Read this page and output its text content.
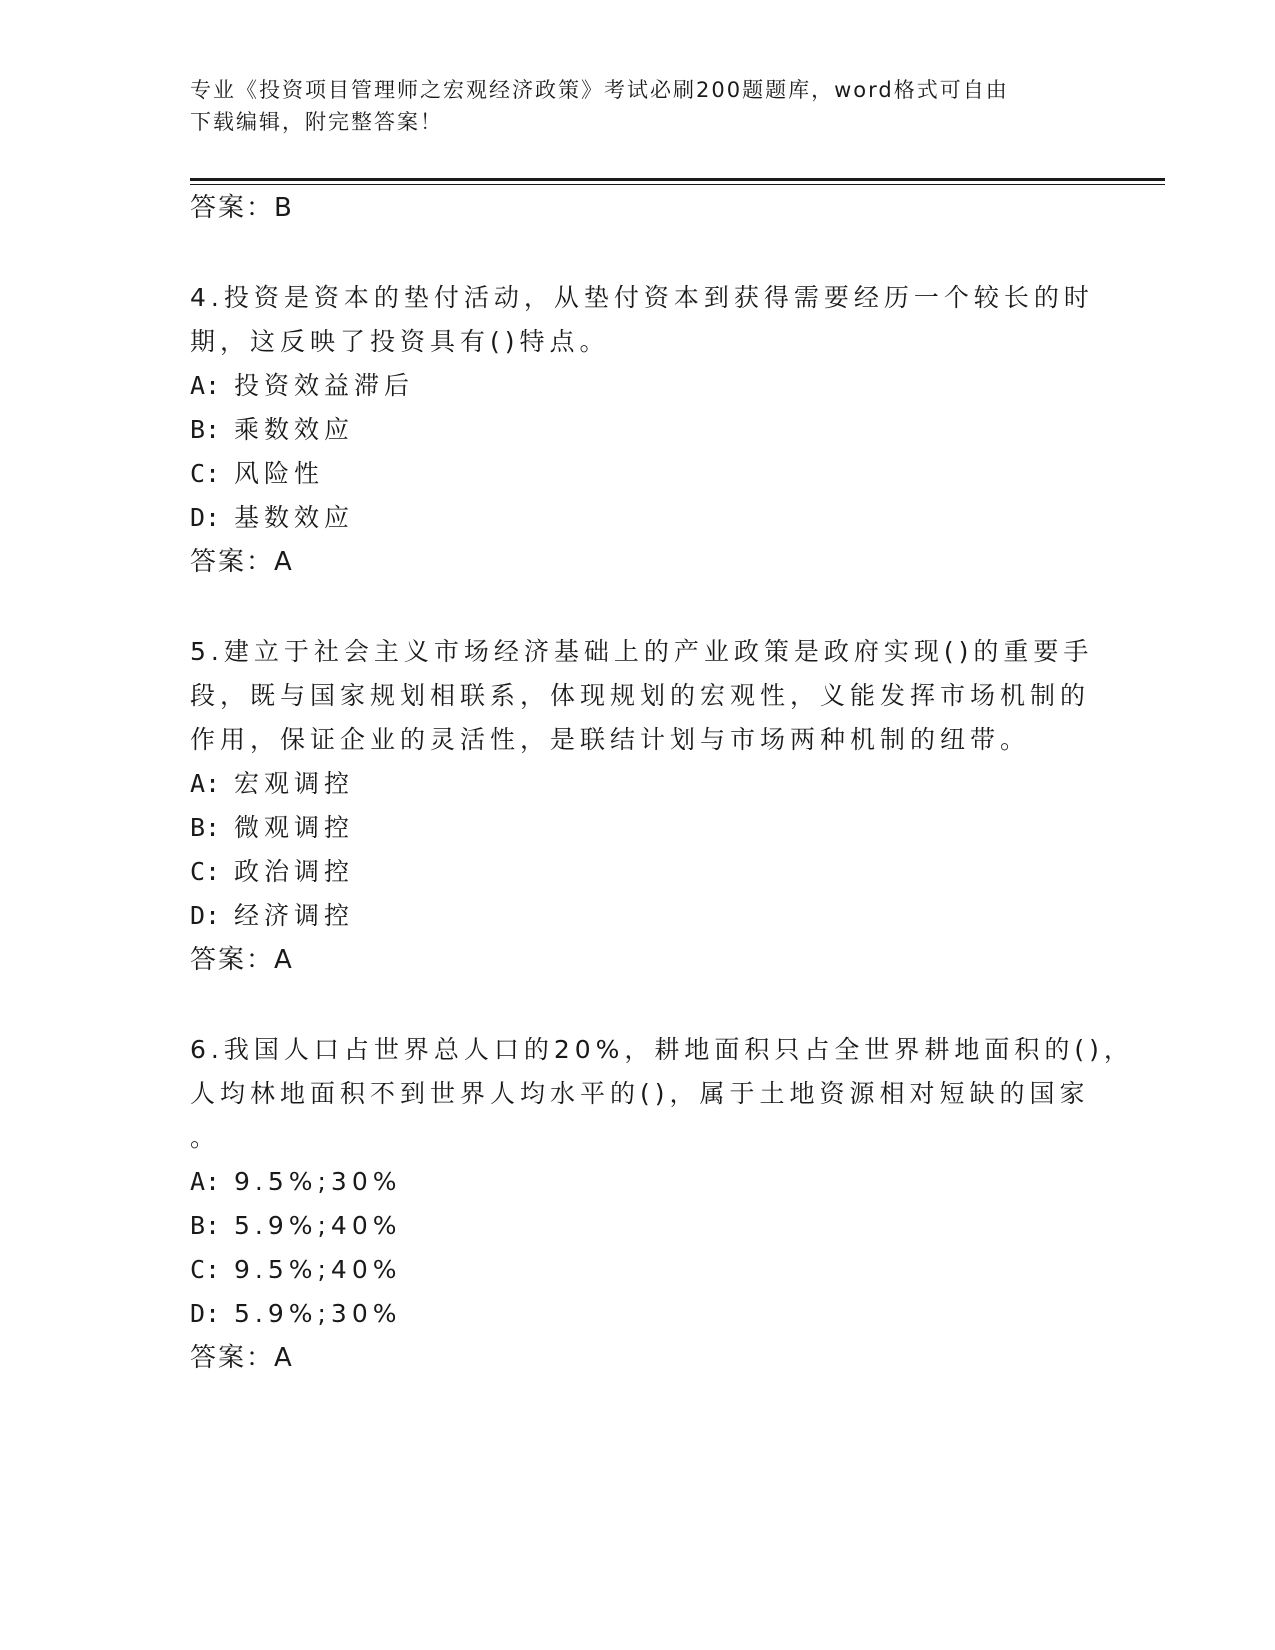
专业《投资项目管理师之宏观经济政策》考试必刷200题题库，word格式可自由
下载编辑，附完整答案！
答案：B
4.投资是资本的垫付活动，从垫付资本到获得需要经历一个较长的时
期，这反映了投资具有()特点。
A: 投资效益滞后
B: 乘数效应
C: 风险性
D: 基数效应
答案：A
5.建立于社会主义市场经济基础上的产业政策是政府实现()的重要手
段，既与国家规划相联系，体现规划的宏观性，义能发挥市场机制的
作用，保证企业的灵活性，是联结计划与市场两种机制的纽带。
A: 宏观调控
B: 微观调控
C: 政治调控
D: 经济调控
答案：A
6.我国人口占世界总人口的20%，耕地面积只占全世界耕地面积的()，
人均林地面积不到世界人均水平的()，属于土地资源相对短缺的国家
。
A: 9.5%;30%
B: 5.9%;40%
C: 9.5%;40%
D: 5.9%;30%
答案：A
